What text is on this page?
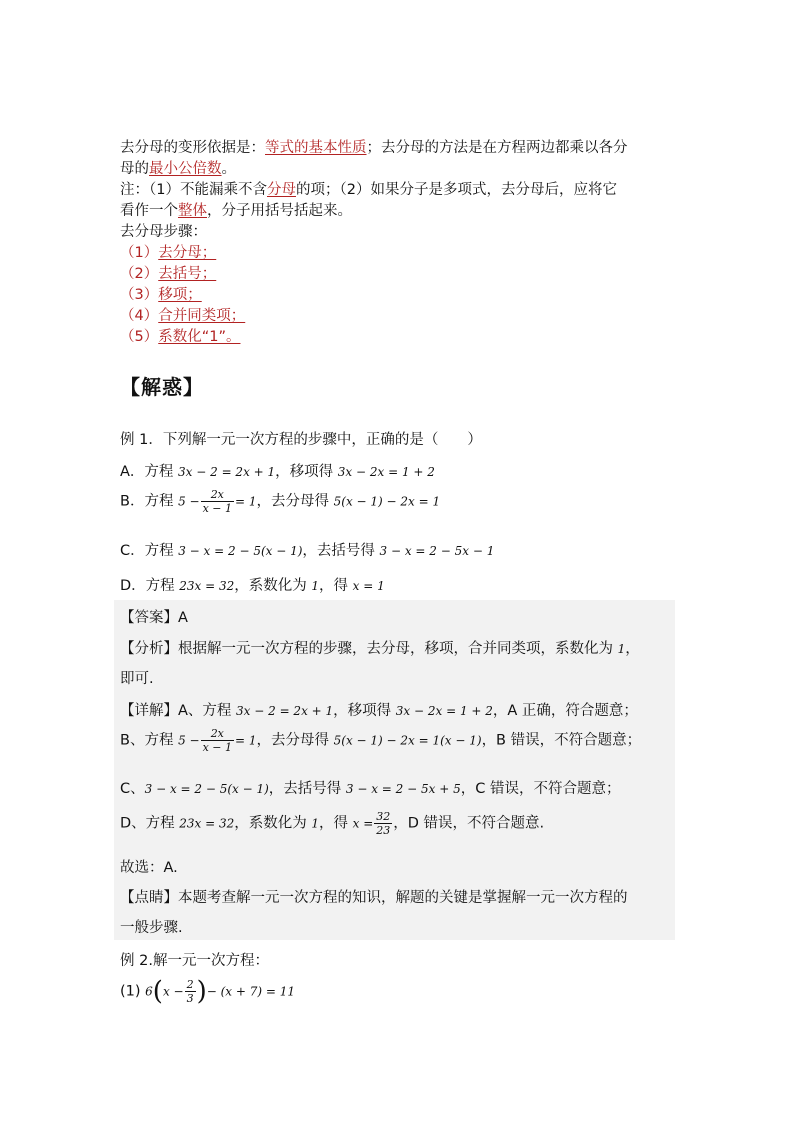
去分母的变形依据是：等式的基本性质；去分母的方法是在方程两边都乘以各分

母的最小公倍数。

注：（1）不能漏乘不含分母的项；（2）如果分子是多项式，去分母后，应将它

看作一个整体，分子用括号括起来。

去分母步骤：

（1）去分母；

（2）去括号；

（3）移项；

（4）合并同类项；

（5）系数化“1”。

【解惑】
例 1．下列解一元一次方程的步骤中，正确的是（　　）
A．方程 3x − 2 = 2x + 1，移项得 3x − 2x = 1 + 2
B．方程 $5 - \frac{2x}{x - 1} = 1$，去分母得 5(x − 1) − 2x = 1
C．方程 3 − x = 2 − 5(x − 1)，去括号得 3 − x = 2 − 5x − 1
D．方程 23x = 32，系数化为 1，得 x = 1
【答案】A
【分析】根据解一元一次方程的步骤，去分母，移项，合并同类项，系数化为 1，
即可.
【详解】A、方程 3x − 2 = 2x + 1，移项得 3x − 2x = 1 + 2，A 正确，符合题意；
B、方程 $5 - \frac{2x}{x - 1} = 1$，去分母得 5(x − 1) − 2x = 1(x − 1)，B 错误，不符合题意；
C、3 − x = 2 − 5(x − 1)，去括号得 3 − x = 2 − 5x + 5，C 错误，不符合题意；
D、方程 23x = 32，系数化为 1，得 $x = \frac{32}{23}$ ，D 错误，不符合题意.
故选：A.
【点睛】本题考查解一元一次方程的知识，解题的关键是掌握解一元一次方程的
一般步骤.
例 2.解一元一次方程：
(1) $6(x - \frac{2}{3}$ )− (x + 7) = 11
